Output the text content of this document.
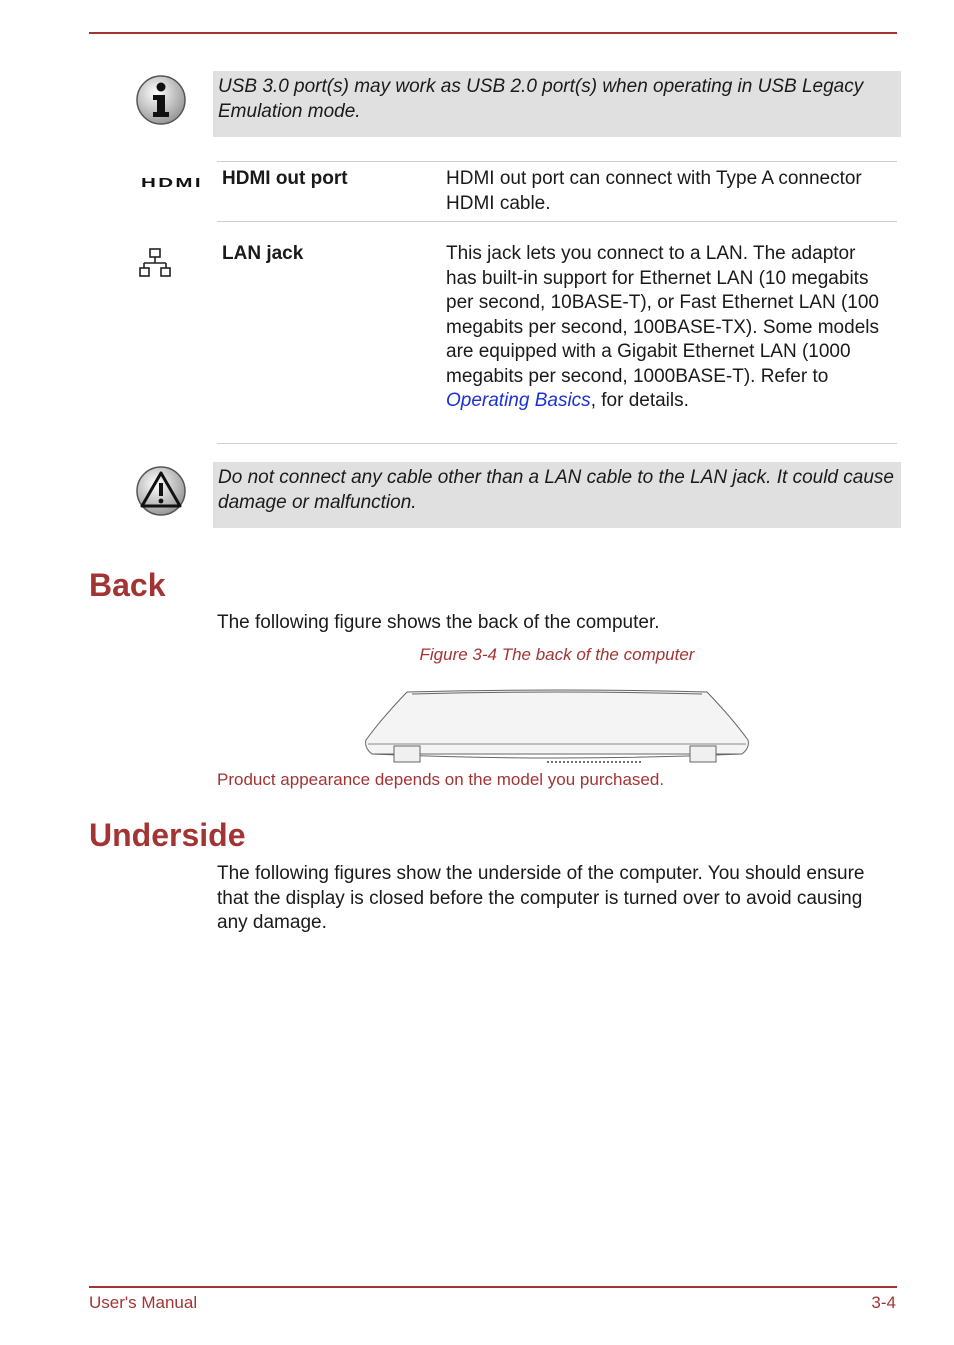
USB 3.0 port(s) may work as USB 2.0 port(s) when operating in USB Legacy Emulation mode.
HDMI out port	HDMI out port can connect with Type A connector HDMI cable.
HDMI
LAN jack	This jack lets you connect to a LAN. The adaptor has built-in support for Ethernet LAN (10 megabits per second, 10BASE-T), or Fast Ethernet LAN (100 megabits per second, 100BASE-TX). Some models are equipped with a Gigabit Ethernet LAN (1000 megabits per second, 1000BASE-T). Refer to Operating Basics, for details.
Do not connect any cable other than a LAN cable to the LAN jack. It could cause damage or malfunction.
Back
The following figure shows the back of the computer.
Figure 3-4 The back of the computer
Product appearance depends on the model you purchased.
Underside
The following figures show the underside of the computer. You should ensure that the display is closed before the computer is turned over to avoid causing any damage.
User's Manual	3-4
